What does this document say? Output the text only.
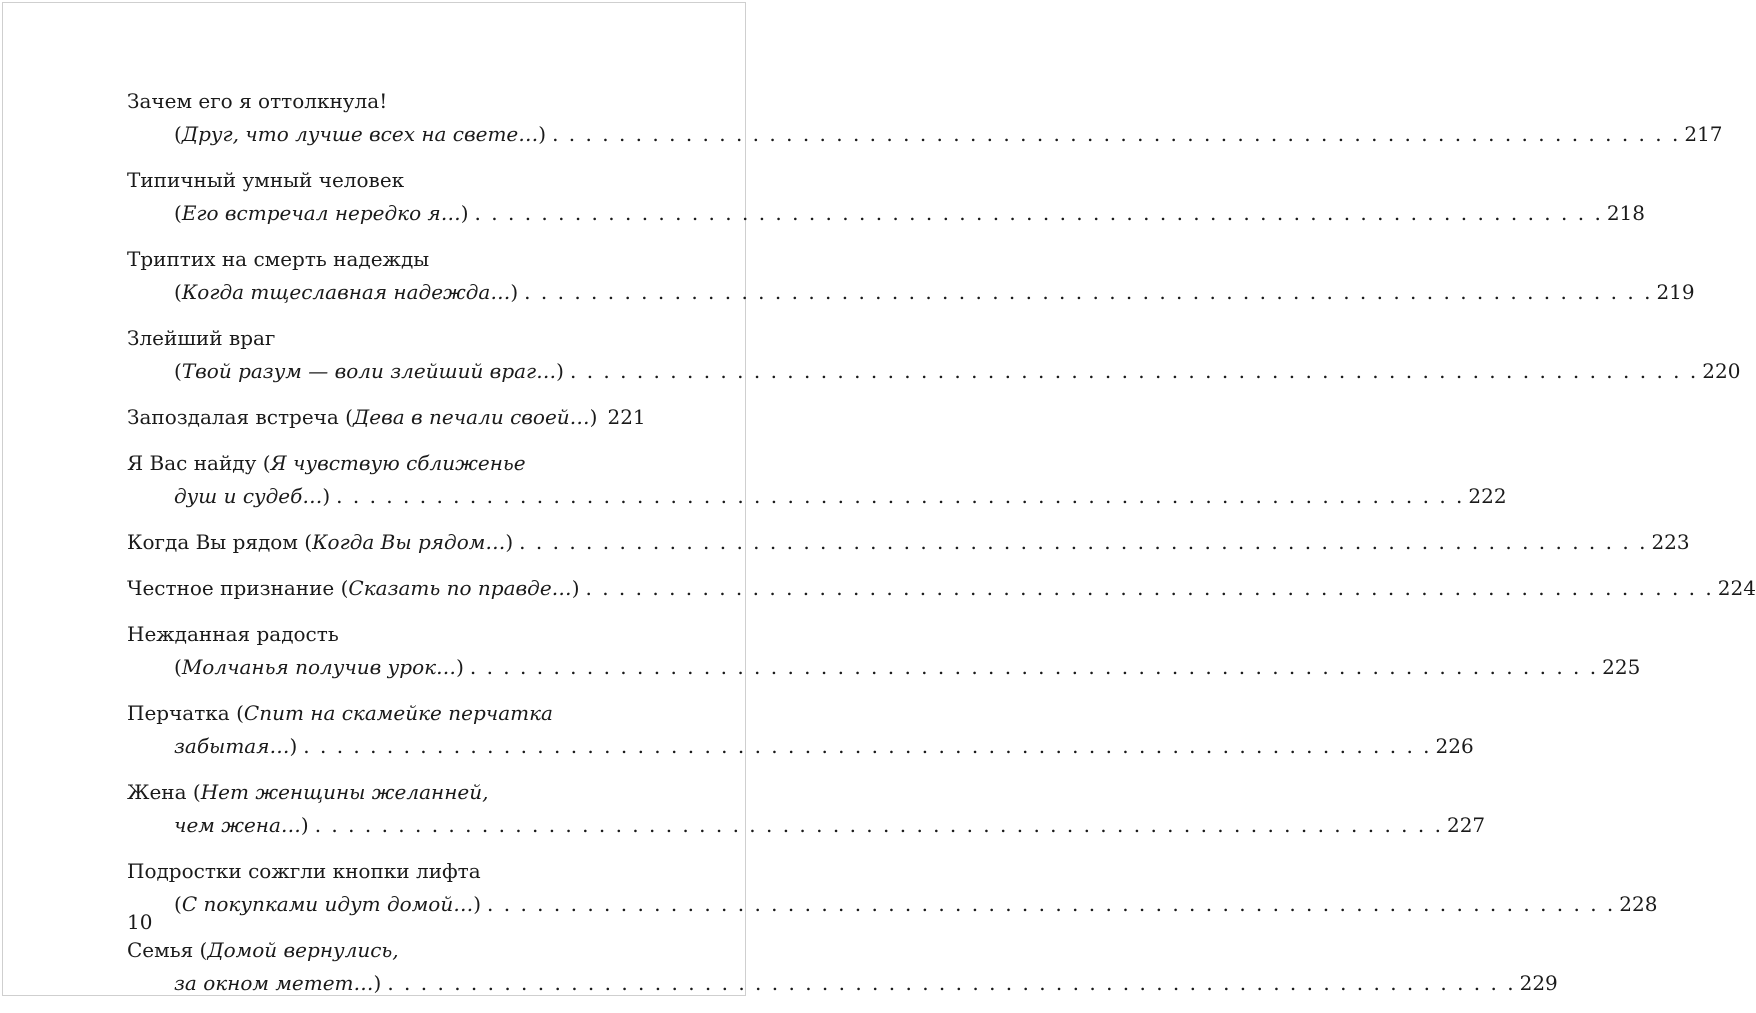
Зачем его я оттолкнула!
(Друг, что лучше всех на свете…) . . .	217
Типичный умный человек
(Его встречал нередко я…) . . .	218
Триптих на смерть надежды
(Когда тщеславная надежда…) . . .	219
Злейший враг
(Твой разум — воли злейший враг…) . . .	220
Запоздалая встреча (Дева в печали своей…) 221
Я Вас найду (Я чувствую сближенье
душ и судеб…) . . .	222
Когда Вы рядом (Когда Вы рядом…) . . .	223
Честное признание (Сказать по правде…) . . .	224
Нежданная радость
(Молчанья получив урок…) . . .	225
Перчатка (Спит на скамейке перчатка
забытая…) . . .	226
Жена (Нет женщины желанней,
чем жена…) . . .	227
Подростки сожгли кнопки лифта
(С покупками идут домой…) . . .	228
Семья (Домой вернулись,
за окном метет…) . . .	229
10
